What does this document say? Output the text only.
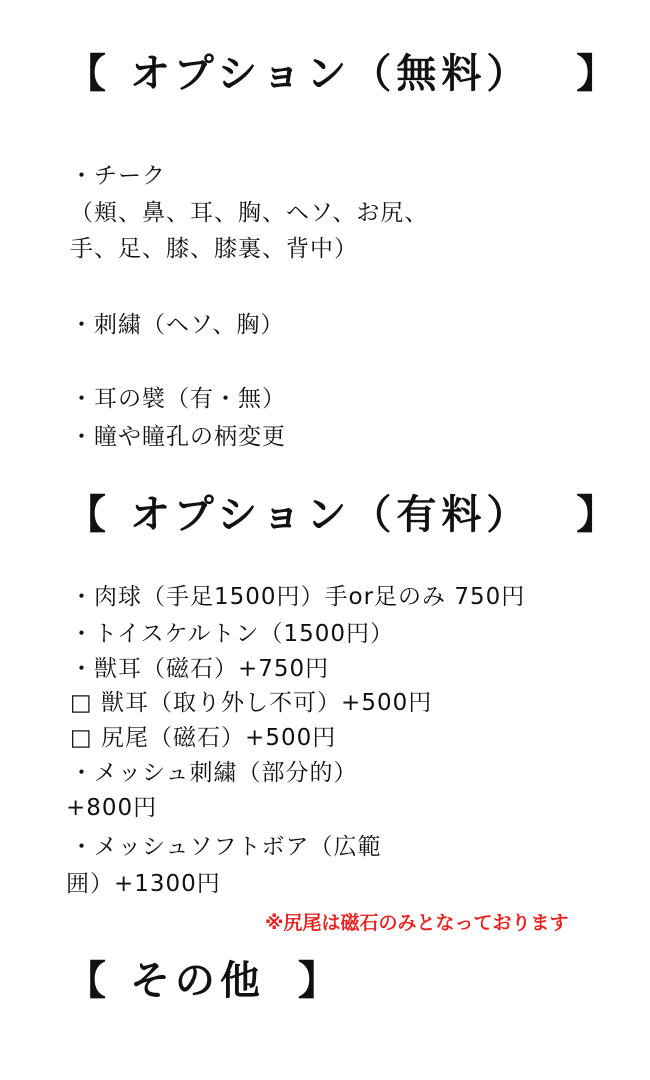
【 オプション（無料） 】
・チーク
（頬、鼻、耳、胸、ヘソ、お尻、
手、足、膝、膝裏、背中）
・刺繍（ヘソ、胸）
・耳の襞（有・無）
・瞳や瞳孔の柄変更
【 オプション（有料） 】
・肉球（手足1500円）手or足のみ 750円
・トイスケルトン（1500円）
・獣耳（磁石）+750円
□ 獣耳（取り外し不可）+500円
□ 尻尾（磁石）+500円
・メッシュ刺繍（部分的）
+800円
・メッシュソフトボア（広範
囲）+1300円
※尻尾は磁石のみとなっております
【 その他 】
